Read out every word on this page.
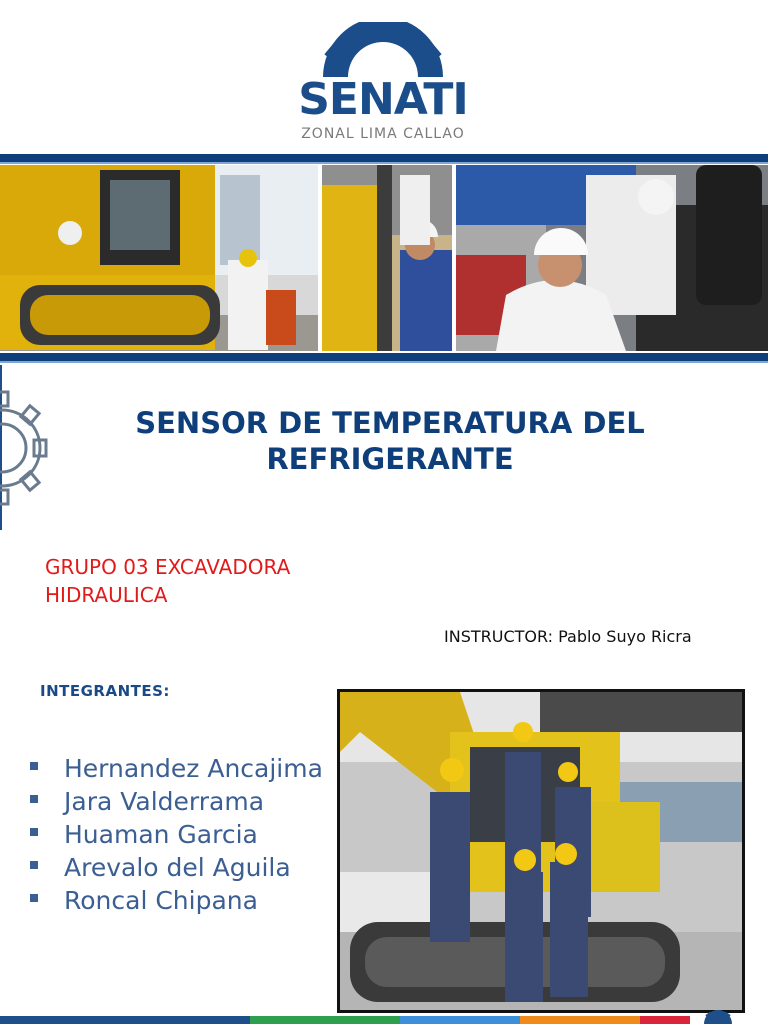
SENATI
ZONAL LIMA CALLAO
SENSOR DE TEMPERATURA DEL REFRIGERANTE
GRUPO 03 EXCAVADORA HIDRAULICA
INSTRUCTOR: Pablo Suyo Ricra
INTEGRANTES:
Hernandez Ancajima
Jara Valderrama
Huaman Garcia
Arevalo del Aguila
Roncal Chipana
